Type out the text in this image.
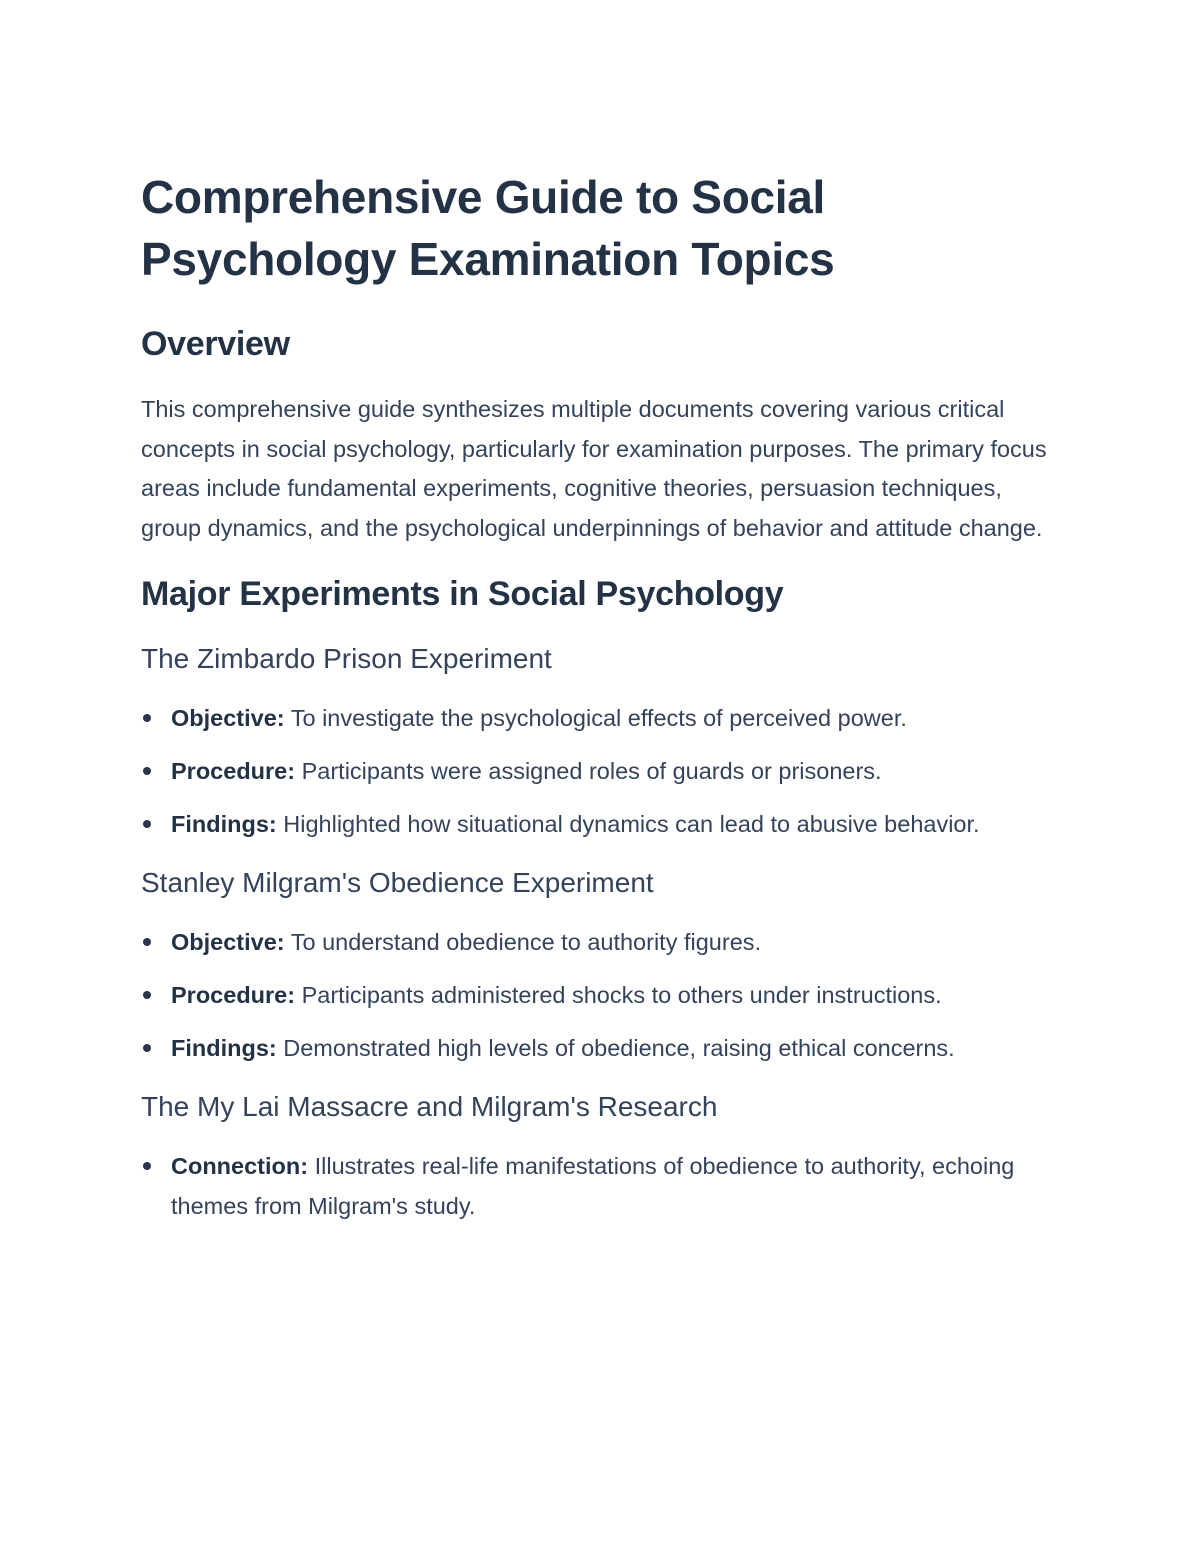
Comprehensive Guide to Social Psychology Examination Topics
Overview

This comprehensive guide synthesizes multiple documents covering various critical concepts in social psychology, particularly for examination purposes. The primary focus areas include fundamental experiments, cognitive theories, persuasion techniques, group dynamics, and the psychological underpinnings of behavior and attitude change.

Major Experiments in Social Psychology
The Zimbardo Prison Experiment
Objective: To investigate the psychological effects of perceived power.
Procedure: Participants were assigned roles of guards or prisoners.
Findings: Highlighted how situational dynamics can lead to abusive behavior.
Stanley Milgram's Obedience Experiment
Objective: To understand obedience to authority figures.
Procedure: Participants administered shocks to others under instructions.
Findings: Demonstrated high levels of obedience, raising ethical concerns.
The My Lai Massacre and Milgram's Research
Connection: Illustrates real-life manifestations of obedience to authority, echoing themes from Milgram's study.
